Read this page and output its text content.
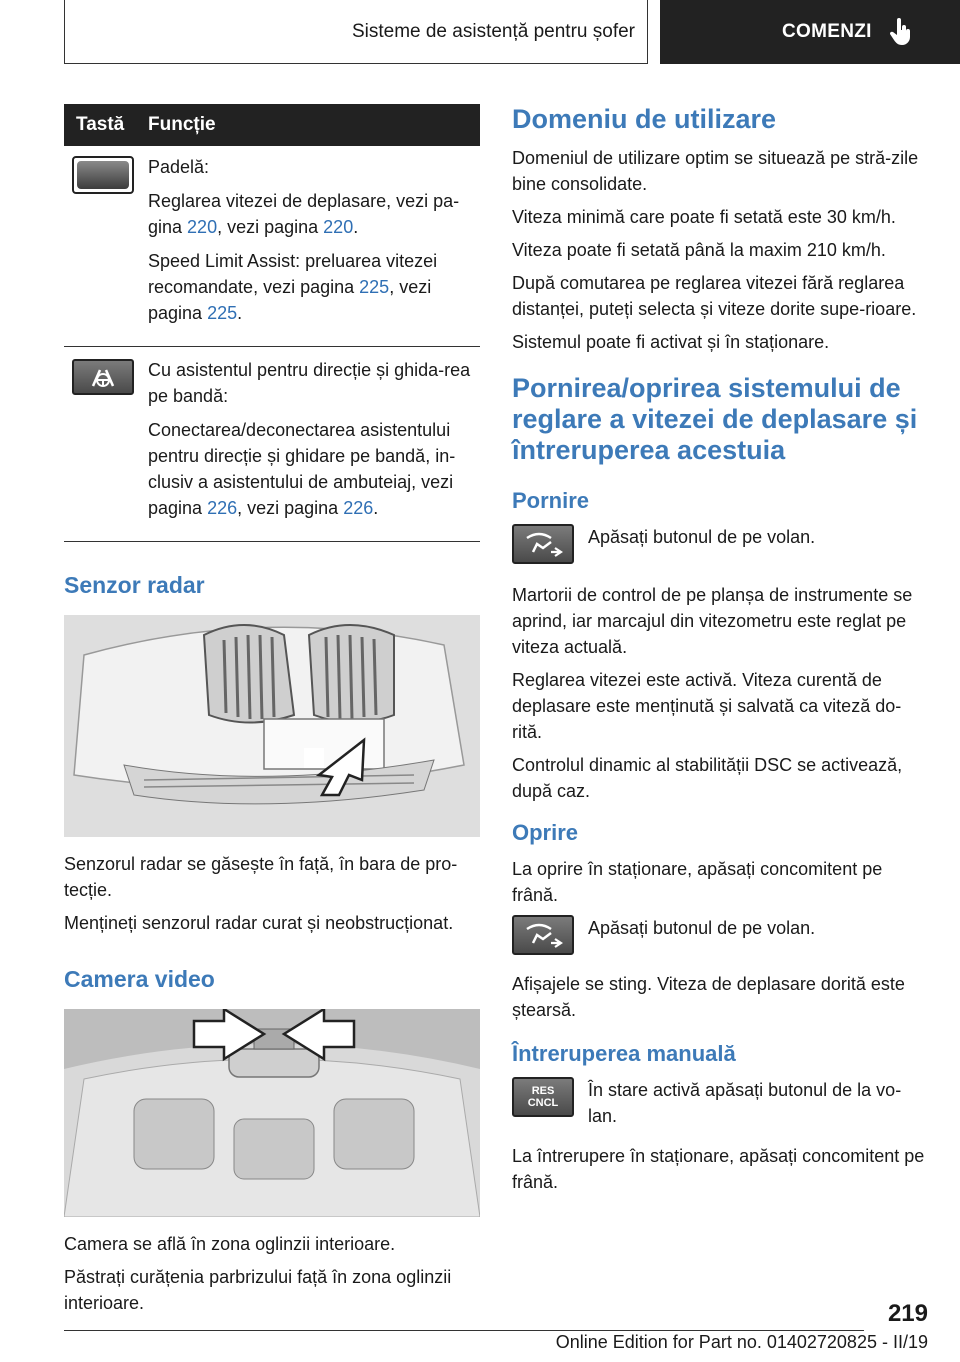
Sisteme de asistență pentru șofer	COMENZI
Tastă	Funcție

Padelă:

Reglarea vitezei de deplasare, vezi pa-gina 220, vezi pagina 220.

Speed Limit Assist: preluarea vitezei recomandate, vezi pagina 225, vezi pagina 225.

Cu asistentul pentru direcție și ghida-rea pe bandă:

Conectarea/deconectarea asistentului pentru direcție și ghidare pe bandă, in-clusiv a asistentului de ambuteiaj, vezi pagina 226, vezi pagina 226.

Senzor radar

Senzorul radar se găsește în față, în bara de pro-tecție.

Mențineți senzorul radar curat și neobstrucționat.

Camera video

Camera se află în zona oglinzii interioare.

Păstrați curățenia parbrizului față în zona oglinzii interioare.

Domeniu de utilizare

Domeniul de utilizare optim se situează pe stră-zile bine consolidate.

Viteza minimă care poate fi setată este 30 km/h.

Viteza poate fi setată până la maxim 210 km/h.

După comutarea pe reglarea vitezei fără reglarea distanței, puteți selecta și viteze dorite supe-rioare.

Sistemul poate fi activat și în staționare.

Pornirea/oprirea sistemului de reglare a vitezei de deplasare și întreruperea acestuia
Pornire

Apăsați butonul de pe volan.

Martorii de control de pe planșa de instrumente se aprind, iar marcajul din vitezometru este reglat pe viteza actuală.

Reglarea vitezei este activă. Viteza curentă de deplasare este menținută și salvată ca viteză do-rită.

Controlul dinamic al stabilității DSC se activează, după caz.

Oprire

La oprire în staționare, apăsați concomitent pe frână.

Apăsați butonul de pe volan.

Afișajele se sting. Viteza de deplasare dorită este ștearsă.

Întreruperea manuală
RES
CNCL

În stare activă apăsați butonul de la vo-lan.

La întrerupere în staționare, apăsați concomitent pe frână.

219
Online Edition for Part no. 01402720825 - II/19
